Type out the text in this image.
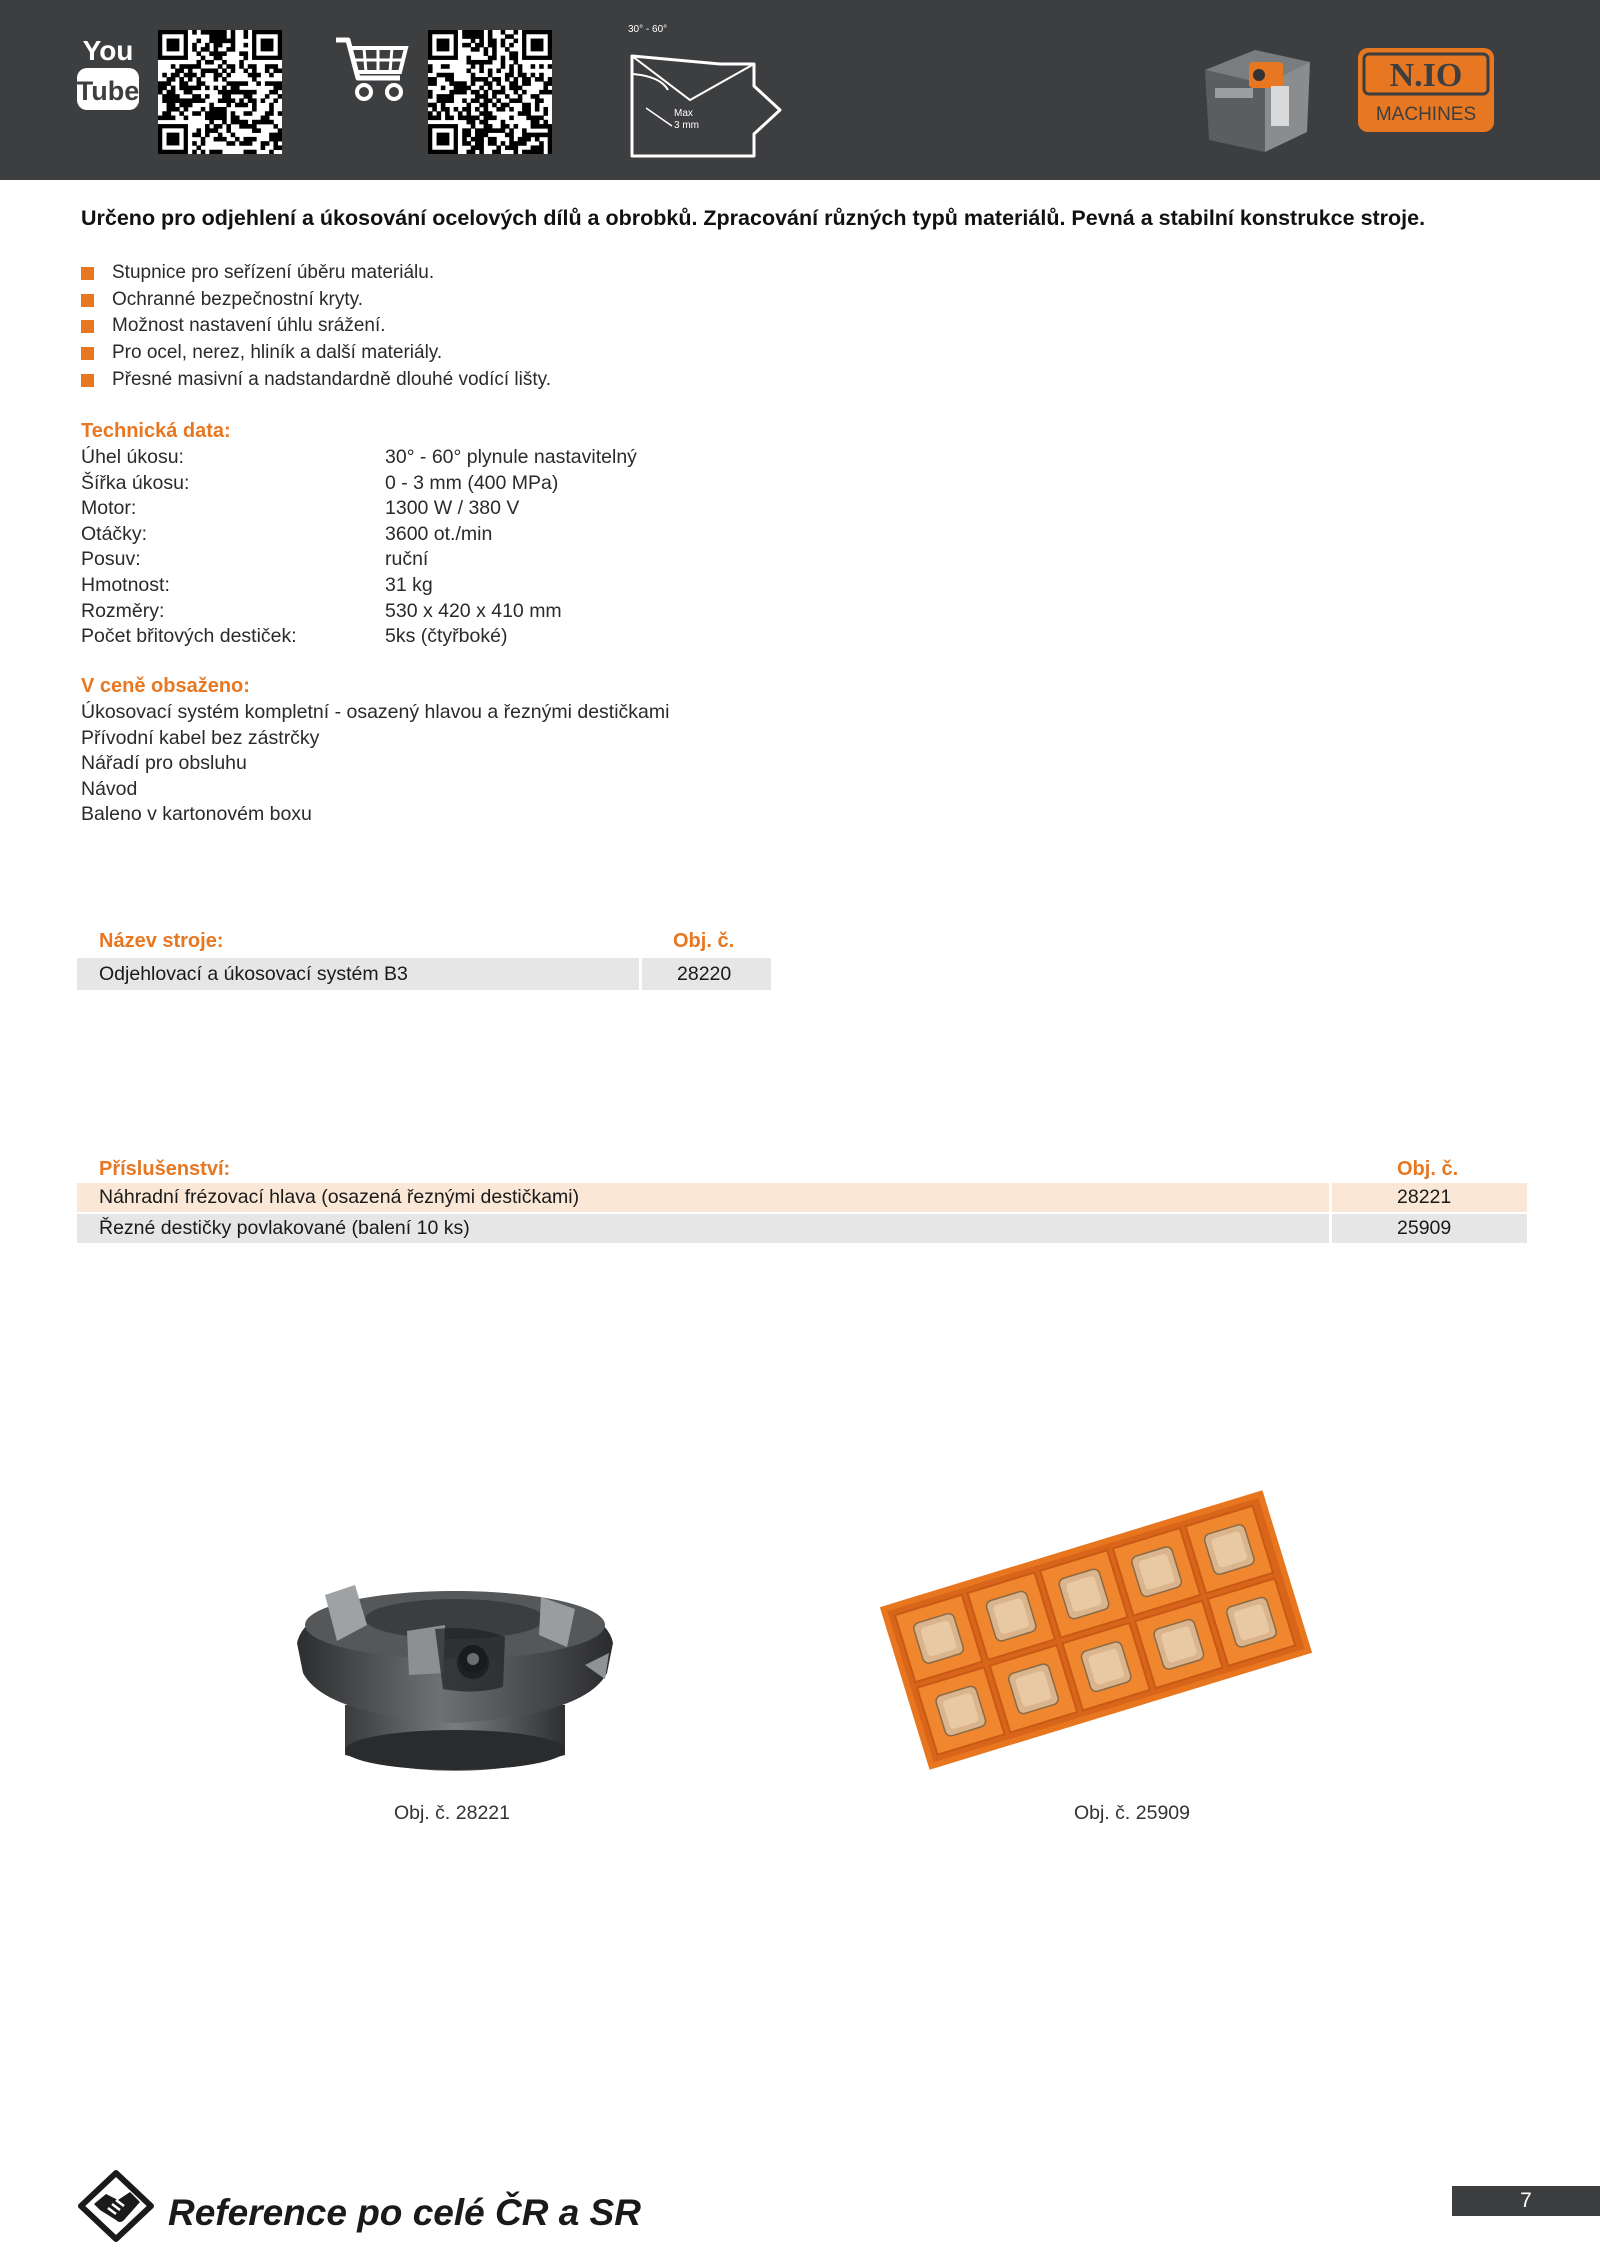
You
Tube
30° - 60°
Max
3 mm
N.IO
MACHINES
Určeno pro odjehlení a úkosování ocelových dílů a obrobků. Zpracování různých typů materiálů. Pevná a stabilní konstrukce stroje.
Stupnice pro seřízení úběru materiálu.
Ochranné bezpečnostní kryty.
Možnost nastavení úhlu srážení.
Pro ocel, nerez, hliník a další materiály.
Přesné masivní a nadstandardně dlouhé vodící lišty.
Technická data:
Úhel úkosu:	30° - 60° plynule nastavitelný
Šířka úkosu:	0 - 3 mm (400 MPa)
Motor:	1300 W / 380 V
Otáčky:	3600 ot./min
Posuv:	ruční
Hmotnost:	31 kg
Rozměry:	530 x 420 x 410 mm
Počet břitových destiček:	5ks (čtyřboké)
V ceně obsaženo:
Úkosovací systém kompletní - osazený hlavou a řeznými destičkami
Přívodní kabel bez zástrčky
Nářadí pro obsluhu
Návod
Baleno v kartonovém boxu
Název stroje:	Obj. č.
Odjehlovací a úkosovací systém B3	28220
Příslušenství:	Obj. č.
Náhradní frézovací hlava (osazená řeznými destičkami)	28221
Řezné destičky povlakované (balení 10 ks)	25909
Obj. č. 28221	Obj. č. 25909
Reference po celé ČR a SR	7
